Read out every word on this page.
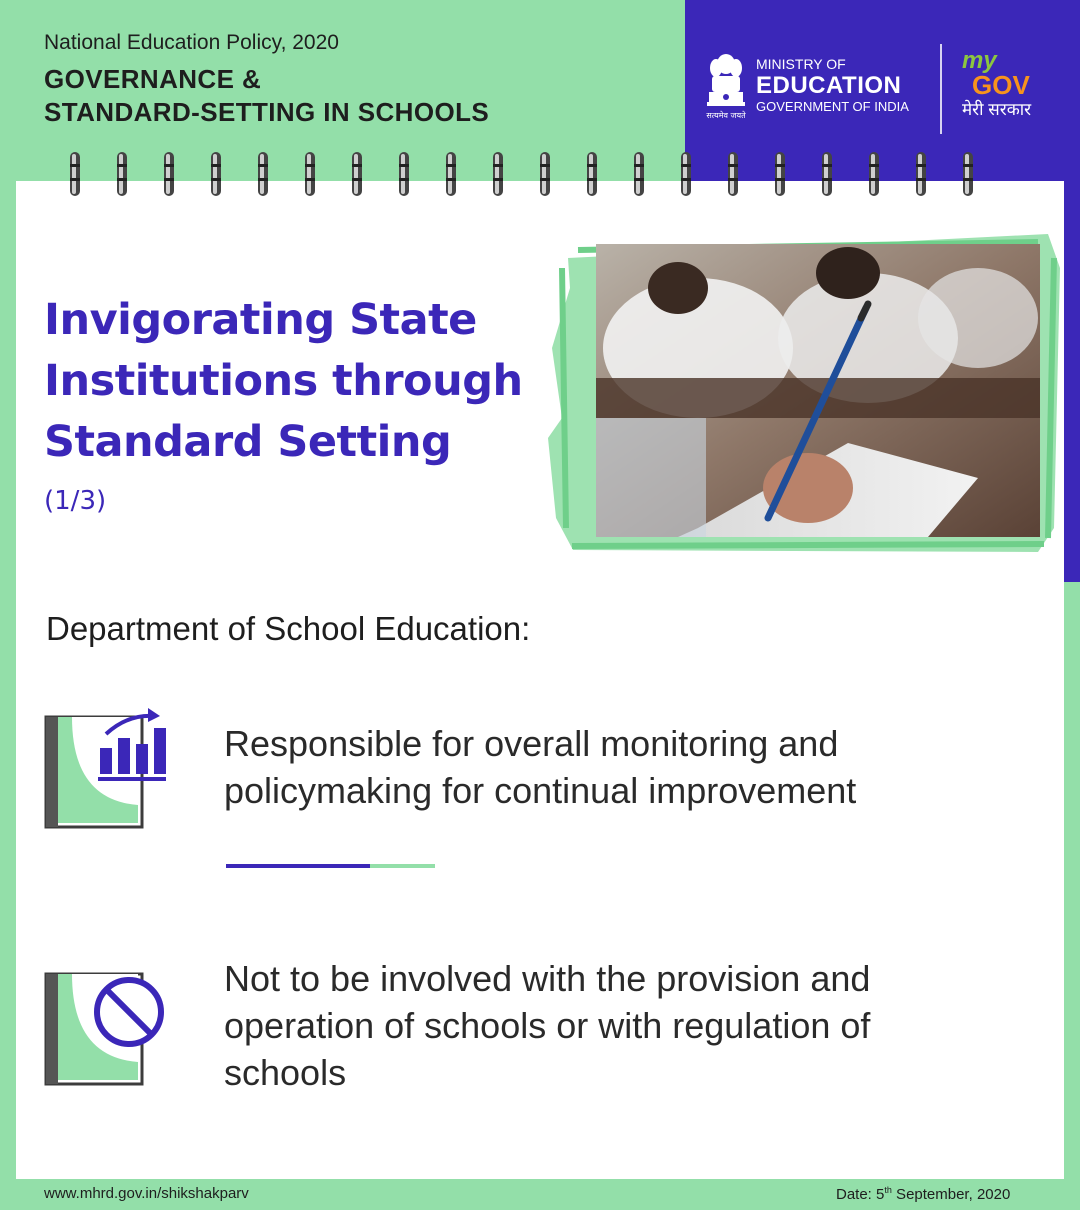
National Education Policy, 2020
GOVERNANCE &
STANDARD-SETTING IN SCHOOLS	सत्यमेव जयते
MINISTRY OF
EDUCATION
GOVERNMENT OF INDIA
my
GOV
मेरी सरकार
Invigorating State
Institutions through
Standard Setting
(1/3)
Department of School Education:
Responsible for overall monitoring and
policymaking for continual improvement
Not to be involved with the provision and
operation of schools or with regulation of
schools
www.mhrd.gov.in/shikshakparv	Date: 5th September, 2020
